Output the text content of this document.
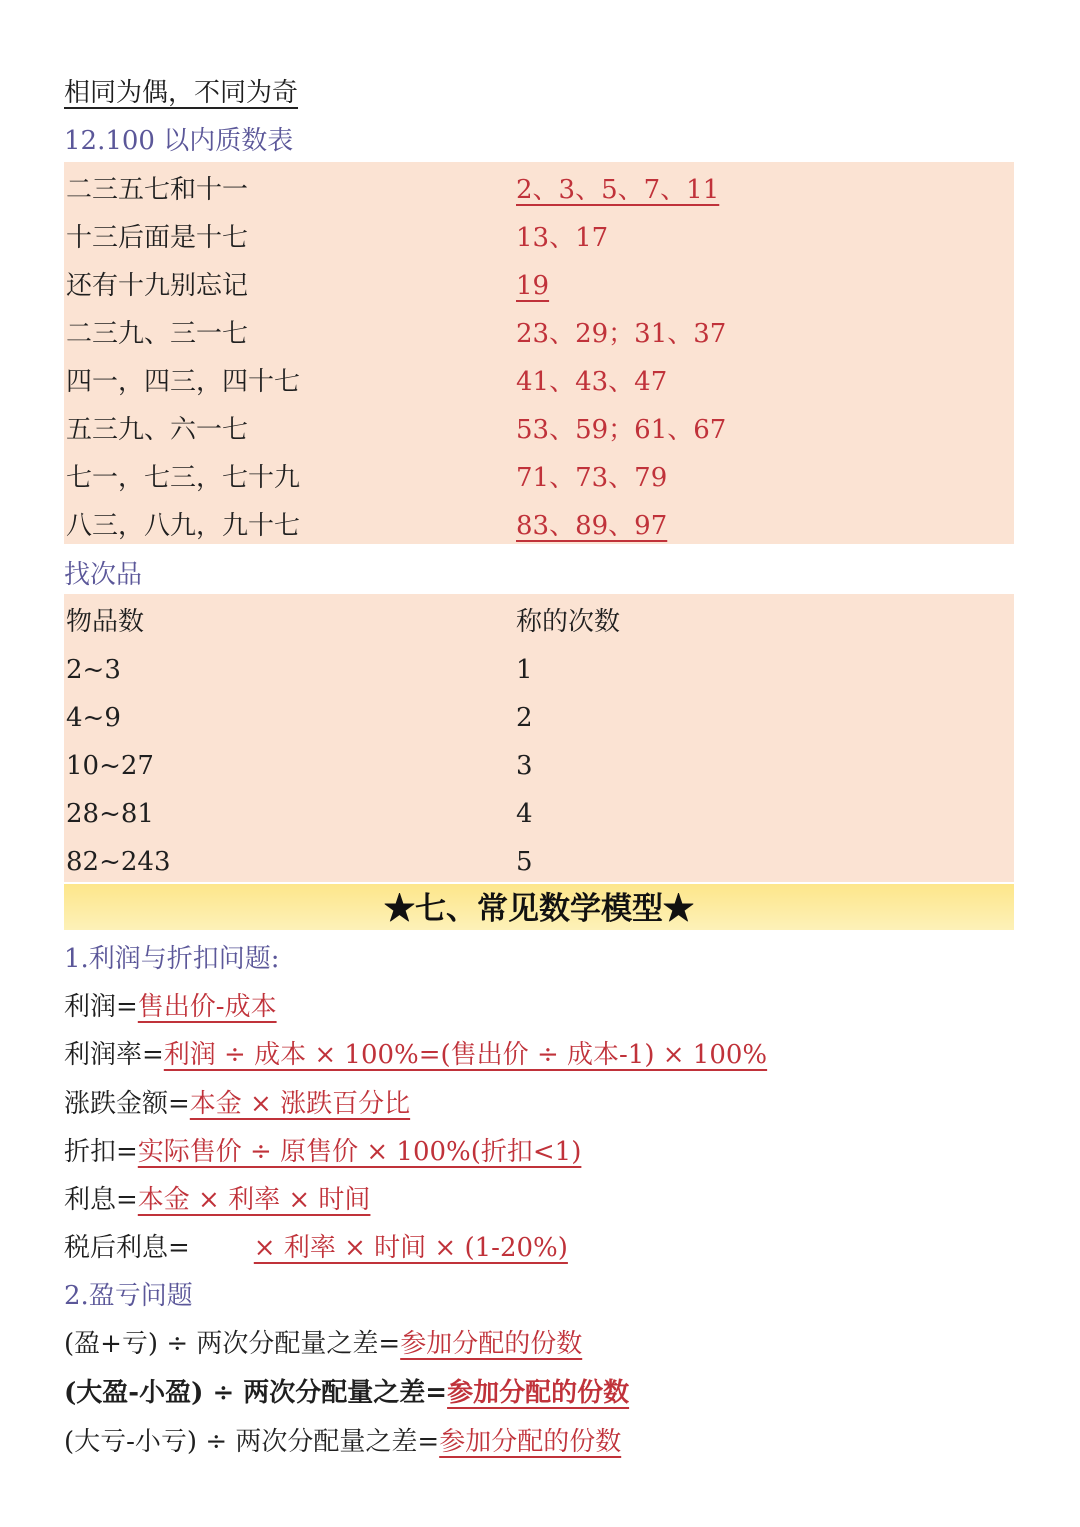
相同为偶，不同为奇
12.100 以内质数表
二三五七和十一	2、3、5、7、11
十三后面是十七	13、17
还有十九别忘记	19
二三九、三一七	23、29；31、37
四一，四三，四十七	41、43、47
五三九、六一七	53、59；61、67
七一，七三，七十九	71、73、79
八三，八九，九十七	83、89、97
找次品
物品数	称的次数
2~3	1
4~9	2
10~27	3
28~81	4
82~243	5
★七、常见数学模型★
1.利润与折扣问题:
利润=售出价-成本
利润率=利润 ÷ 成本 × 100%=(售出价 ÷ 成本-1) × 100%
涨跌金额=本金 × 涨跌百分比
折扣=实际售价 ÷ 原售价 × 100%(折扣<1)
利息=本金 × 利率 × 时间
税后利息= × 利率 × 时间 × (1-20%)
2.盈亏问题
(盈+亏) ÷ 两次分配量之差=参加分配的份数
(大盈-小盈) ÷ 两次分配量之差=参加分配的份数
(大亏-小亏) ÷ 两次分配量之差=参加分配的份数
